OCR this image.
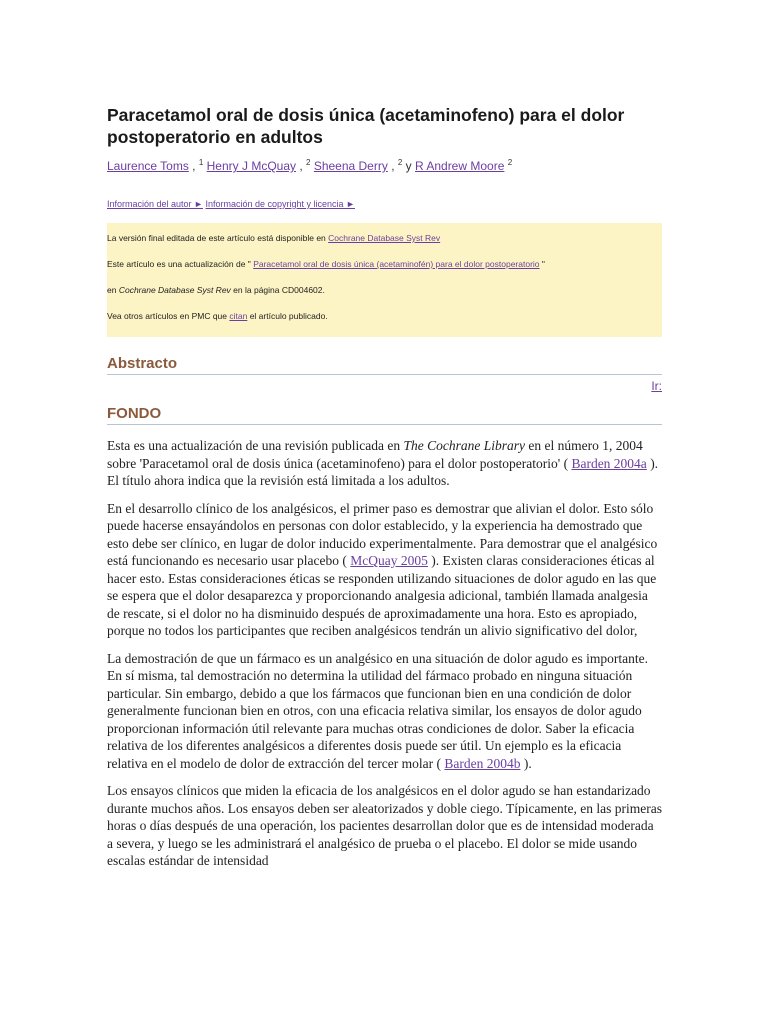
Paracetamol oral de dosis única (acetaminofeno) para el dolor postoperatorio en adultos
Laurence Toms , $^1$ Henry J McQuay , $^2$ Sheena Derry , $^2$ y R Andrew Moore $^2$
Información del autor ► Información de copyright y licencia ►

La versión final editada de este artículo está disponible en Cochrane Database Syst Rev

Este artículo es una actualización de " Paracetamol oral de dosis única (acetaminofén) para el dolor postoperatorio "

en Cochrane Database Syst Rev en la página CD004602.

Vea otros artículos en PMC que citan el artículo publicado.

Abstracto
Ir:
FONDO

Esta es una actualización de una revisión publicada en The Cochrane Library en el número 1, 2004 sobre 'Paracetamol oral de dosis única (acetaminofeno) para el dolor postoperatorio' ( Barden 2004a ). El título ahora indica que la revisión está limitada a los adultos.

En el desarrollo clínico de los analgésicos, el primer paso es demostrar que alivian el dolor. Esto sólo puede hacerse ensayándolos en personas con dolor establecido, y la experiencia ha demostrado que esto debe ser clínico, en lugar de dolor inducido experimentalmente. Para demostrar que el analgésico está funcionando es necesario usar placebo ( McQuay 2005 ). Existen claras consideraciones éticas al hacer esto. Estas consideraciones éticas se responden utilizando situaciones de dolor agudo en las que se espera que el dolor desaparezca y proporcionando analgesia adicional, también llamada analgesia de rescate, si el dolor no ha disminuido después de aproximadamente una hora. Esto es apropiado, porque no todos los participantes que reciben analgésicos tendrán un alivio significativo del dolor,

La demostración de que un fármaco es un analgésico en una situación de dolor agudo es importante. En sí misma, tal demostración no determina la utilidad del fármaco probado en ninguna situación particular. Sin embargo, debido a que los fármacos que funcionan bien en una condición de dolor generalmente funcionan bien en otros, con una eficacia relativa similar, los ensayos de dolor agudo proporcionan información útil relevante para muchas otras condiciones de dolor. Saber la eficacia relativa de los diferentes analgésicos a diferentes dosis puede ser útil. Un ejemplo es la eficacia relativa en el modelo de dolor de extracción del tercer molar ( Barden 2004b ).

Los ensayos clínicos que miden la eficacia de los analgésicos en el dolor agudo se han estandarizado durante muchos años. Los ensayos deben ser aleatorizados y doble ciego. Típicamente, en las primeras horas o días después de una operación, los pacientes desarrollan dolor que es de intensidad moderada a severa, y luego se les administrará el analgésico de prueba o el placebo. El dolor se mide usando escalas estándar de intensidad
